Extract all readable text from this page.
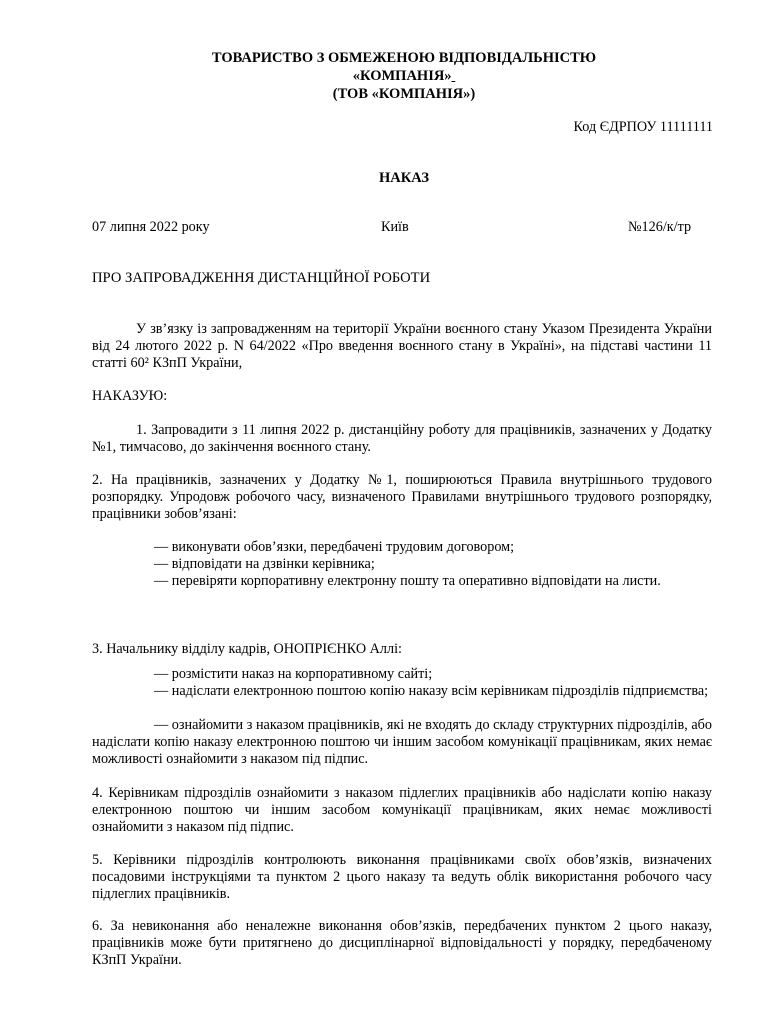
ТОВАРИСТВО З ОБМЕЖЕНОЮ ВІДПОВІДАЛЬНІСТЮ
«КОМПАНІЯ»
(ТОВ «КОМПАНІЯ»)
Код ЄДРПОУ 11111111
НАКАЗ
07 липня 2022 року	Київ	№126/к/тр
ПРО ЗАПРОВАДЖЕННЯ ДИСТАНЦІЙНОЇ РОБОТИ
У зв’язку із запровадженням на території України воєнного стану Указом Президента України від 24 лютого 2022 р. N 64/2022 «Про введення воєнного стану в Україні», на підставі частини 11 статті 60² КЗпП України,
НАКАЗУЮ:
1. Запровадити з 11 липня 2022 р. дистанційну роботу для працівників, зазначених у Додатку №1, тимчасово, до закінчення воєнного стану.
2. На працівників, зазначених у Додатку №1, поширюються Правила внутрішнього трудового розпорядку. Упродовж робочого часу, визначеного Правилами внутрішнього трудового розпорядку, працівники зобов’язані:
— виконувати обов’язки, передбачені трудовим договором;
— відповідати на дзвінки керівника;
— перевіряти корпоративну електронну пошту та оперативно відповідати на листи.
3. Начальнику відділу кадрів, ОНОПРІЄНКО Аллі:
— розмістити наказ на корпоративному сайті;
— надіслати електронною поштою копію наказу всім керівникам підрозділів підприємства;
— ознайомити з наказом працівників, які не входять до складу структурних підрозділів, або надіслати копію наказу електронною поштою чи іншим засобом комунікації працівникам, яких немає можливості ознайомити з наказом під підпис.
4. Керівникам підрозділів ознайомити з наказом підлеглих працівників або надіслати копію наказу електронною поштою чи іншим засобом комунікації працівникам, яких немає можливості ознайомити з наказом під підпис.
5. Керівники підрозділів контролюють виконання працівниками своїх обов’язків, визначених посадовими інструкціями та пунктом 2 цього наказу та ведуть облік використання робочого часу підлеглих працівників.
6. За невиконання або неналежне виконання обов’язків, передбачених пунктом 2 цього наказу, працівників може бути притягнено до дисциплінарної відповідальності у порядку, передбаченому КЗпП України.
